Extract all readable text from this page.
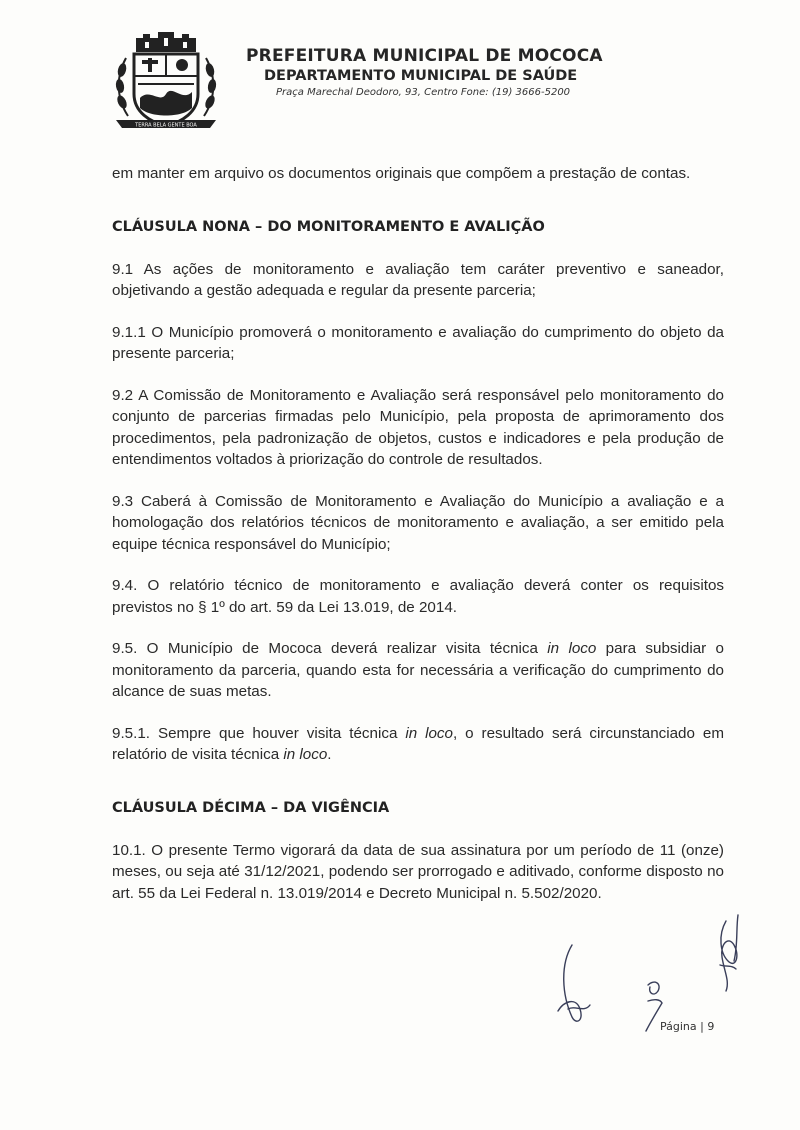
TERRA BELA GENTE BOA
PREFEITURA MUNICIPAL DE MOCOCA
DEPARTAMENTO MUNICIPAL DE SAÚDE
Praça Marechal Deodoro, 93, Centro Fone: (19) 3666-5200

em manter em arquivo os documentos originais que compõem a prestação de contas.

CLÁUSULA NONA – DO MONITORAMENTO E AVALIÇÃO

9.1 As ações de monitoramento e avaliação tem caráter preventivo e saneador, objetivando a gestão adequada e regular da presente parceria;

9.1.1 O Município promoverá o monitoramento e avaliação do cumprimento do objeto da presente parceria;

9.2 A Comissão de Monitoramento e Avaliação será responsável pelo monitoramento do conjunto de parcerias firmadas pelo Município, pela proposta de aprimoramento dos procedimentos, pela padronização de objetos, custos e indicadores e pela produção de entendimentos voltados à priorização do controle de resultados.

9.3 Caberá à Comissão de Monitoramento e Avaliação do Município a avaliação e a homologação dos relatórios técnicos de monitoramento e avaliação, a ser emitido pela equipe técnica responsável do Município;

9.4. O relatório técnico de monitoramento e avaliação deverá conter os requisitos previstos no § 1º do art. 59 da Lei 13.019, de 2014.

9.5. O Município de Mococa deverá realizar visita técnica in loco para subsidiar o monitoramento da parceria, quando esta for necessária a verificação do cumprimento do alcance de suas metas.

9.5.1. Sempre que houver visita técnica in loco, o resultado será circunstanciado em relatório de visita técnica in loco.

CLÁUSULA DÉCIMA – DA VIGÊNCIA

10.1. O presente Termo vigorará da data de sua assinatura por um período de 11 (onze) meses, ou seja até 31/12/2021, podendo ser prorrogado e aditivado, conforme disposto no art. 55 da Lei Federal n. 13.019/2014 e Decreto Municipal n. 5.502/2020.

Página | 9
